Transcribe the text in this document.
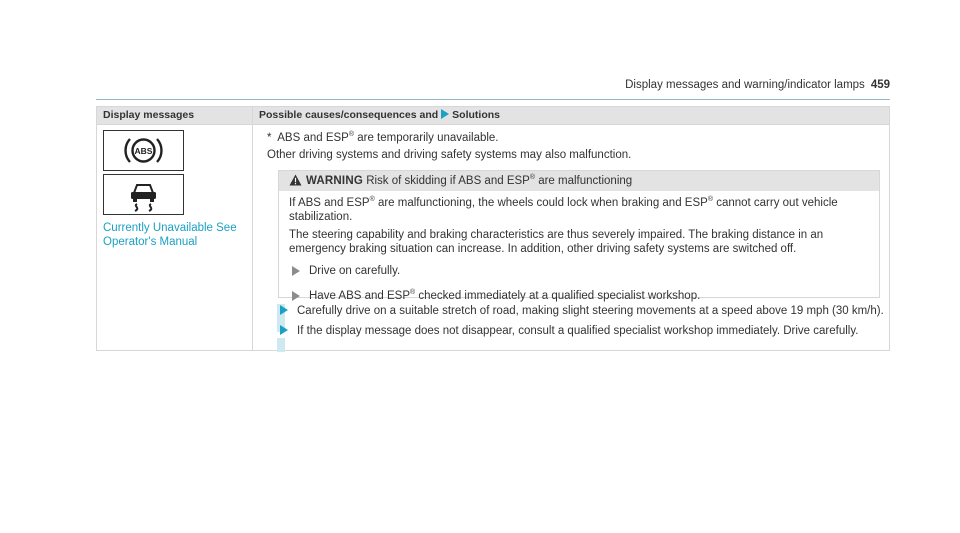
Display messages and warning/indicator lamps 459
Display messages	Possible causes/consequences and Solutions
ABS
Currently Unavailable See Operator's Manual

* ABS and ESP® are temporarily unavailable.

Other driving systems and driving safety systems may also malfunction.

WARNING Risk of skidding if ABS and ESP® are malfunctioning

If ABS and ESP® are malfunctioning, the wheels could lock when braking and ESP® cannot carry out vehicle stabilization.

The steering capability and braking characteristics are thus severely impaired. The braking distance in an emergency braking situation can increase. In addition, other driving safety systems are switched off.

Drive on carefully.
Have ABS and ESP® checked immediately at a qualified specialist workshop.
Carefully drive on a suitable stretch of road, making slight steering movements at a speed above 19 mph (30 km/h).
If the display message does not disappear, consult a qualified specialist workshop immediately. Drive carefully.
